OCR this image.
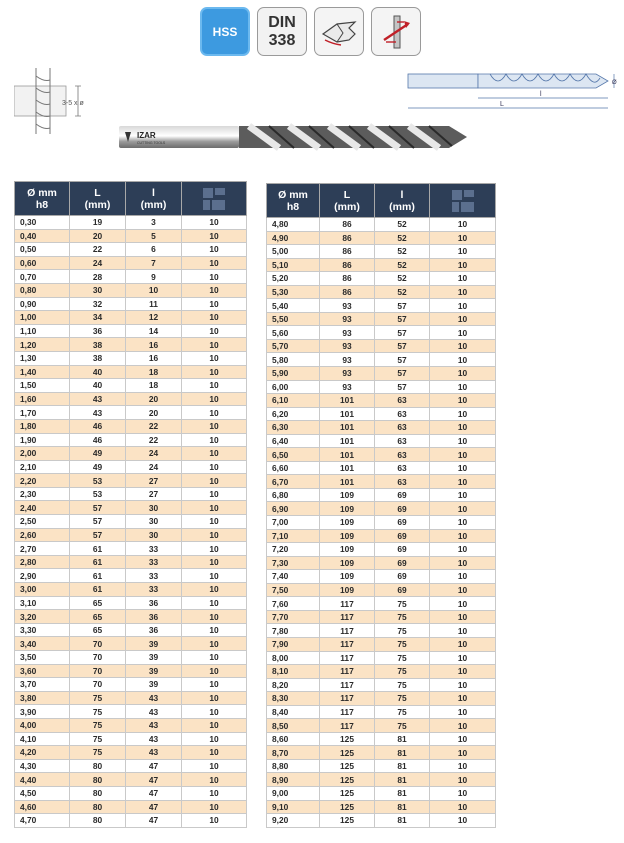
HSS
DIN
338
3-5 x ø
IZAR
CUTTING TOOLS
l
L
Ø
Ø mm
h8	L
(mm)	l
(mm)	

0,30	19	3	10
0,40	20	5	10
0,50	22	6	10
0,60	24	7	10
0,70	28	9	10
0,80	30	10	10
0,90	32	11	10
1,00	34	12	10
1,10	36	14	10
1,20	38	16	10
1,30	38	16	10
1,40	40	18	10
1,50	40	18	10
1,60	43	20	10
1,70	43	20	10
1,80	46	22	10
1,90	46	22	10
2,00	49	24	10
2,10	49	24	10
2,20	53	27	10
2,30	53	27	10
2,40	57	30	10
2,50	57	30	10
2,60	57	30	10
2,70	61	33	10
2,80	61	33	10
2,90	61	33	10
3,00	61	33	10
3,10	65	36	10
3,20	65	36	10
3,30	65	36	10
3,40	70	39	10
3,50	70	39	10
3,60	70	39	10
3,70	70	39	10
3,80	75	43	10
3,90	75	43	10
4,00	75	43	10
4,10	75	43	10
4,20	75	43	10
4,30	80	47	10
4,40	80	47	10
4,50	80	47	10
4,60	80	47	10
4,70	80	47	10
Ø mm
h8	L
(mm)	l
(mm)	

4,80	86	52	10
4,90	86	52	10
5,00	86	52	10
5,10	86	52	10
5,20	86	52	10
5,30	86	52	10
5,40	93	57	10
5,50	93	57	10
5,60	93	57	10
5,70	93	57	10
5,80	93	57	10
5,90	93	57	10
6,00	93	57	10
6,10	101	63	10
6,20	101	63	10
6,30	101	63	10
6,40	101	63	10
6,50	101	63	10
6,60	101	63	10
6,70	101	63	10
6,80	109	69	10
6,90	109	69	10
7,00	109	69	10
7,10	109	69	10
7,20	109	69	10
7,30	109	69	10
7,40	109	69	10
7,50	109	69	10
7,60	117	75	10
7,70	117	75	10
7,80	117	75	10
7,90	117	75	10
8,00	117	75	10
8,10	117	75	10
8,20	117	75	10
8,30	117	75	10
8,40	117	75	10
8,50	117	75	10
8,60	125	81	10
8,70	125	81	10
8,80	125	81	10
8,90	125	81	10
9,00	125	81	10
9,10	125	81	10
9,20	125	81	10
